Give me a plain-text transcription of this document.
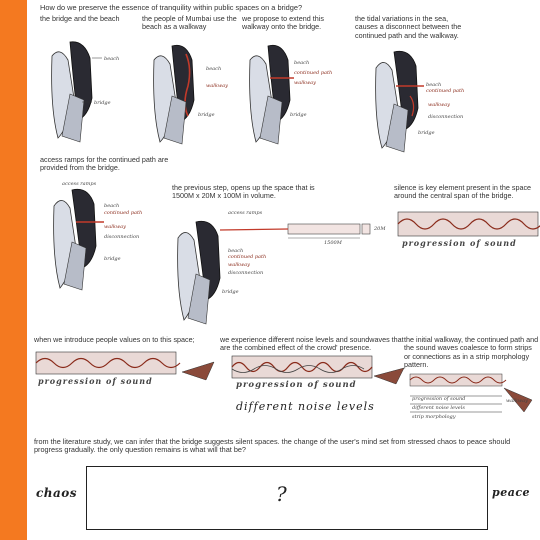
How do we preserve the essence of tranquility within public spaces on a bridge?
the bridge and the beach	the people of Mumbai use the beach as a walkway
we propose to extend this walkway onto the bridge.
the tidal variations in the sea, causes a disconnect between the continued path and the walkway.
beach
bridge
beach
walkway
bridge
beach
continued path
walkway
bridge
beach
continued path
walkway
disconnection
bridge
access ramps for the continued path are provided from the bridge.
the previous step, opens up the space that is 1500M x 20M x 100M in volume.
silence is key element present in the space around the central span of the bridge.
access ramps
beach
continued path
walkway
disconnection
bridge
access ramps
1500M
20M
beach
continued path
walkway
disconnection
bridge
progression of sound
when we introduce people values on to this space;	we experience different noise levels and soundwaves that are the combined effect of the crowd' presence.
the initial walkway, the continued path and the sound waves coalesce to form strips or connections as in a strip morphology pattern.
progression of sound	progression of sound
different noise levels
progression of sound
different noise levels
walkway
strip morphology
from the literature study, we can infer that the bridge suggests silent spaces. the change of the user's mind set from stressed chaos to peace should progress gradually. the only question remains is what will that be?
chaos	?	peace
